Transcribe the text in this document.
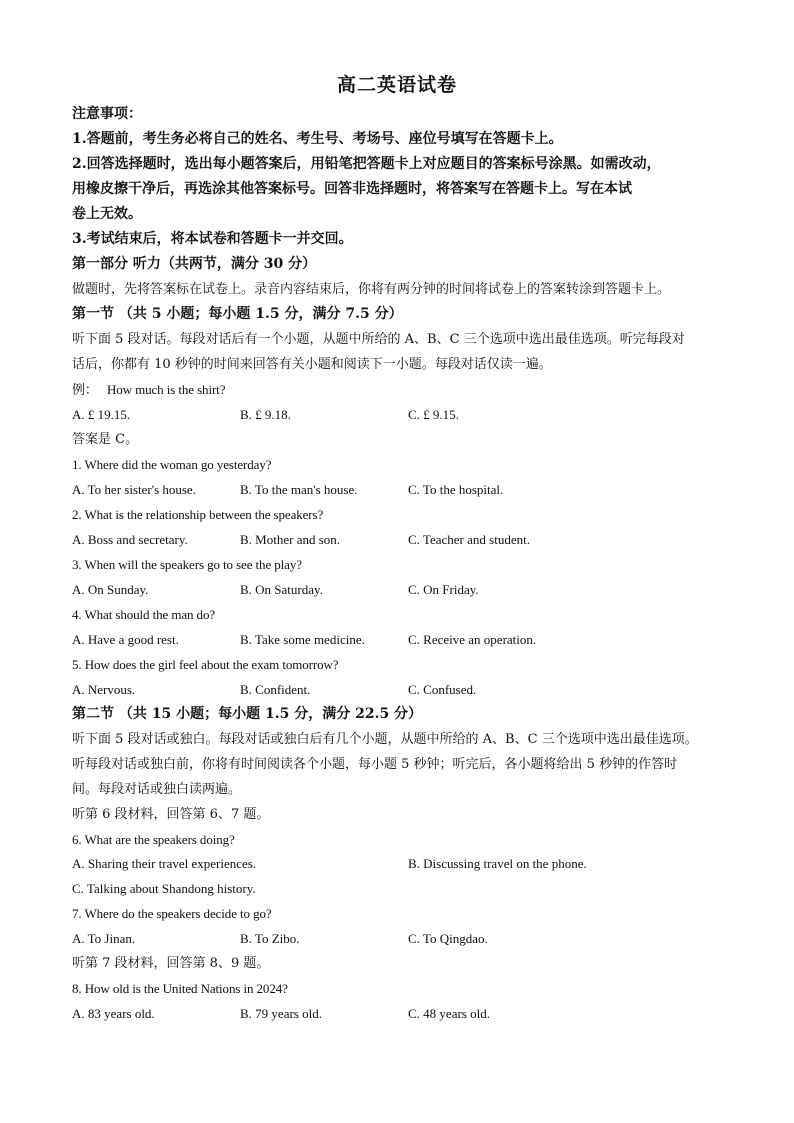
高二英语试卷
注意事项：
1.答题前，考生务必将自己的姓名、考生号、考场号、座位号填写在答题卡上。
2.回答选择题时，选出每小题答案后，用铅笔把答题卡上对应题目的答案标号涂黑。如需改动，
用橡皮擦干净后，再选涂其他答案标号。回答非选择题时，将答案写在答题卡上。写在本试
卷上无效。
3.考试结束后，将本试卷和答题卡一并交回。
第一部分 听力（共两节，满分 30 分）
做题时，先将答案标在试卷上。录音内容结束后，你将有两分钟的时间将试卷上的答案转涂到答题卡上。
第一节 （共 5 小题；每小题 1.5 分，满分 7.5 分）
听下面 5 段对话。每段对话后有一个小题，从题中所给的 A、B、C 三个选项中选出最佳选项。听完每段对
话后，你都有 10 秒钟的时间来回答有关小题和阅读下一小题。每段对话仅读一遍。
例： How much is the shirt?
A. £ 19.15.	B. £ 9.18.	C. £ 9.15.
答案是 C。
1. Where did the woman go yesterday?
A. To her sister's house.	B. To the man's house.	C. To the hospital.
2. What is the relationship between the speakers?
A. Boss and secretary.	B. Mother and son.	C. Teacher and student.
3. When will the speakers go to see the play?
A. On Sunday.	B. On Saturday.	C. On Friday.
4. What should the man do?
A. Have a good rest.	B. Take some medicine.	C. Receive an operation.
5. How does the girl feel about the exam tomorrow?
A. Nervous.	B. Confident.	C. Confused.
第二节 （共 15 小题；每小题 1.5 分，满分 22.5 分）
听下面 5 段对话或独白。每段对话或独白后有几个小题，从题中所给的 A、B、C 三个选项中选出最佳选项。
听每段对话或独白前，你将有时间阅读各个小题，每小题 5 秒钟；听完后，各小题将给出 5 秒钟的作答时
间。每段对话或独白读两遍。
听第 6 段材料，回答第 6、7 题。
6. What are the speakers doing?
A. Sharing their travel experiences.	B. Discussing travel on the phone.
C. Talking about Shandong history.
7. Where do the speakers decide to go?
A. To Jinan.	B. To Zibo.	C. To Qingdao.
听第 7 段材料，回答第 8、9 题。
8. How old is the United Nations in 2024?
A. 83 years old.	B. 79 years old.	C. 48 years old.
